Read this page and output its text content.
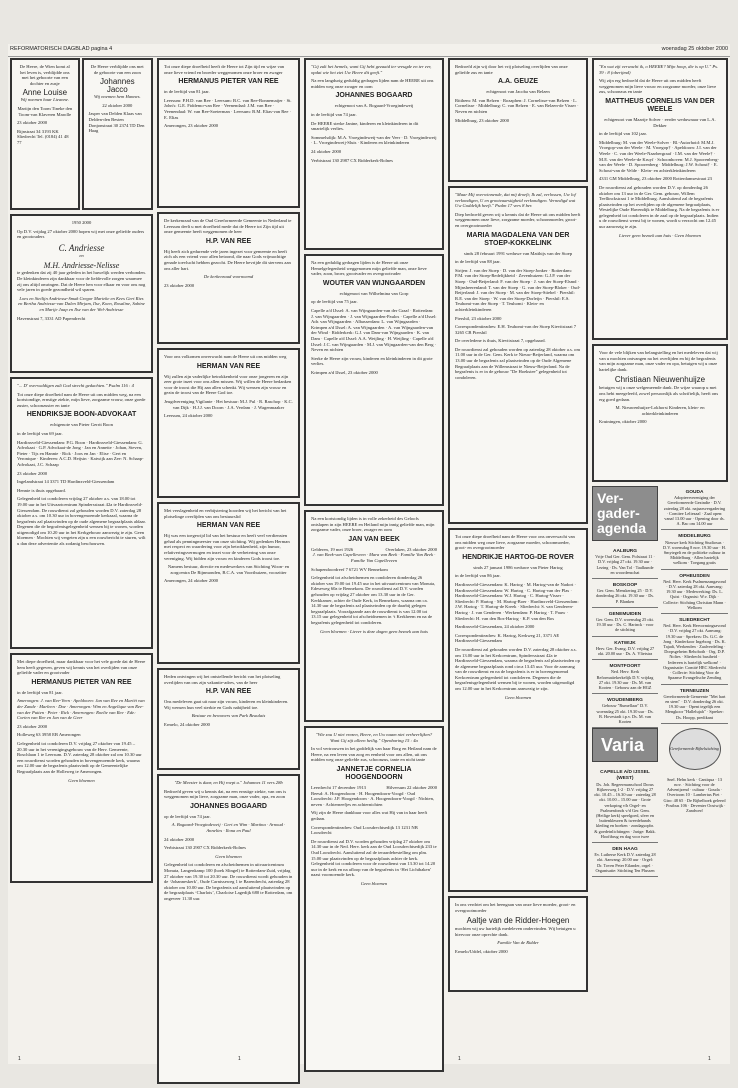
REFORMATORISCH DAGBLAD pagina 4	woensdag 25 oktober 2000

De Heere, de Wien komt al het leven is, verblijdde ons met het geboorte van een dochter en zusje

Anne Louise

Wij noemen haar Lieanne.

Martijn den Toom Tineke den Toom-van Klaveren Marolle

23 oktober 2000

Rijnstraat 34 3193 KK Sliedrecht Tel. (0184) 41 48 77

De Heere verblijdde ons met de geboorte van een zoon

Johannes Jacco

Wij noemen hem Hannes.

22 oktober 2000

Jasper van Delden Klaas van Delden-den Besten Donjonstraat 30 2374 TD Den Haag

1950 2000

Op D.V. vrijdag 27 oktober 2000 hopen wij met onze geliefde ouders en grootouders

C. Andriesse

en

M.H. Andriesse-Nelisse

te gedenken dat zij 40 jaar geleden in het huwelijk werden verbonden. De kleinkinderen zijn dankbaar voor de liefdevolle zorgen waarmee zij ons altijd omringen. Dat de Heere hen voor elkaar en voor ons nog vele jaren in goede gezondheid wil sparen.

Loes en Sietlijn Andriesse-Smak Gregor Marieke en Kees Gert Ries en Bertha Andriesse-van Dalen Mirjam, Ilse, Koen, Rosaline, Sabine en Marije Jaap en Ilse van der Wel-Andriesse

Havenstraat 7, 3331 AD Papendrecht

"... D' overwaldigen zult God strecht gedachten." Psalm 116 : 4

Tot onze diepe droefheid nam de Heere uit ons midden weg, na een kortstondige, ernstige ziekte, mijn lieve, zorgzame vrouw, onze goede zuster, schoonzuster en tante

HENDRIKSJE BOON-ADVOKAAT

echtgenote van Pieter Gerrit Boon

in de leeftijd van 69 jaar.

Hardinxveld-Giessendam: P.G. Boon · Hardinxveld-Giessendam: G. Advokaat · G.P. Advokaat-de Jong · Jan en Annette · Johan, Steven, Pieter · Tijs en Hannie · Rick · Joos en Jan · Elise · Gert en Veronique · Kinderen: A.C.D. Heijsin · Katwijk aan Zee: N. Schaap-Advokaat, J.C. Schaap

23 oktober 2000

Ingelandstraat 14 3371 TD Hardinxveld-Giessendam

Hennie is thuis opgebaard.

Gelegenheid tot condoleren vrijdag 27 oktober a.s. van 18.00 tot 19.00 uur in het Uitvaartcentrum Spindersstraat 42a te Hardinxveld-Giessendam. De rouwdienst zal gehouden worden D.V. zaterdag 28 oktober a.s. om 10.30 uur in bovengenoemde kerkzaal, waarna de begrafenis zal plaatsvinden op de oude algemene begraafplaats aldaar. Degenen die de begrafenisgelegenheid wensen bij te wonen, worden uitgenodigd om 10.20 uur in het Kerkgebouw aanwezig te zijn. Geen bloemen · Mochten wij vergeten zijn u een rouwbericht te sturen, wilt u dan deze advertentie als zodanig beschouwen.

Met diepe droefheid, maar dankbaar voor het vele goede dat de Heere hem heeft gegeven, geven wij kennis van het overlijden van onze geliefde vader en grootvader

HERMANUS PIETER VAN REE

in de leeftijd van 81 jaar.

Amerongen: J. van Ree-Veen · Apeldoorn: Jan van Ree en Mariët van der Zande · Marleen · Dae · Amerongen: Wim en Angelique van Ree-van der Putten · Peter · Rick · Amerongen: Roelie van Ree · Ede: Corien van Ree en Jan van de Geer

23 oktober 2000

Holleweg 63 3958 EB Amerongen

Gelegenheid tot condoleren D.V. vrijdag 27 oktober van 19.45 – 20.30 uur in het verenigingsgebouw van de Herv. Gemeente, Boschlaan 1 te Leersum. D.V. zaterdag 28 oktober zal om 10.30 uur een rouwdienst worden gehouden in bovengenoemde kerk, waarna om 12.00 uur de begrafenis plaatsvindt op de Gemeentelijke Begraafplaats aan de Holleweg te Amerongen.

Geen bloemen

Tot onze diepe droefheid heeft de Heere tot Zijn tijd en wijze van onze lieve vriend en broeder weggenomen onze broer en zwager

HERMANUS PIETER VAN REE

in de leeftijd van 81 jaar.

Leersum: P.H.D. van Ree · Leersum: B.C. van Ree-Bonnemaijer · St. John's: G.E. Fiddemo-van Ree · Veenendaal: J.M. van Ree · Veenendaal: W. van Ree-Soeterman · Leersum: B.M. Elias-van Ree · E. Elias

Amerongen, 23 oktober 2000

De kerkenraad van de Oud Gereformeerde Gemeente in Nederland te Leersum deelt u met droefheid mede dat de Heere tot Zijn tijd uit onze gemeente heeft weggenomen de heer

H.P. VAN REE

Hij heeft zich gedurende vele jaren ingezet voor gemeente en heeft zich als een vriend voor allen betoond, die naar Gods vrijmachtige genade toevlucht hebben gezocht. De Heere bevrijde dit stervens aan ons aller hart.

De kerkenraad voornoemd

23 oktober 2000

Voor ons volkomen onverwacht nam de Heere uit ons midden weg

HERMAN VAN REE

Wij zullen zijn vaderlijke betrokkenheid voor onze jongeren en zijn zeer grote inzet voor ons allen missen. Wij willen de Heere bedanken voor de troost die Hij aan allen schenkt. Wij wensen zijn vrouw en gezin de troost van de Heere God toe.

Jeugdvereniging Vigilante · Het bestuur: M.J. Pul · R. Raschop · K.C. van Dijk · H.J.J. van Doorn · J.A. Verdam · J. Wagenmaaker

Leersum, 24 oktober 2000

Met verslagenheid en verbijstering hoorden wij het bericht van het plotselinge overlijden van ons bestuurslid

HERMAN VAN REE

Hij was een toegewijd lid van het bestuur en heeft veel verdiensten gehad als penningmeester van onze stichting. Wij gedenken Herman met respect en waardering voor zijn betrokkenheid, zijn humor, relativeringsvermogen en inzet voor de verbetering van onze vereniging. Wij bidden zijn vrouw en kinderen Gods troost toe.

Namens bestuur, directie en medewerkers van Stichting Woon- en zorgcentra De Rijnmonden, B.C.A. van Voorthuizen, voorzitter

Amerongen, 24 oktober 2000

Heden ontvingen wij het ontstellende bericht van het plotseling overlijden van ons zijn vakantie-adres, van de heer

H.P. VAN REE

Ons medeleven gaat uit naar zijn vrouw, kinderen en kleinkinderen. Wij wensen hun veel sterkte en Gods nabijheid toe.

Bestuur en bewoners van Park Beaulais

Ermelo, 24 oktober 2000

"De Meester is daar, en Hij roept u." Johannes 11 vers 28b

Bedroefd geven wij u kennis dat, na een ernstige ziekte, van ons is weggenomen mijn lieve, zorgzame man, onze vader, opa, en zoon

JOHANNES BOGAARD

op de leeftijd van 74 jaar.

A. Bogaard-Vroegindeweij · Gert en Wim · Martina · Arnoud · Annelies · Ilona en Paul

24 oktober 2000

Verbistraat 130 2907 CX Ridderkerk-Bolnes

Geen bloemen

Gelegenheid tot condoleren en afscheidnemen in uitvaartcentrum Monuta, Langenkamp 100 (hoek Slingel) te Rotterdam-Zuid, vrijdag 27 oktober van 19.30 tot 20.30 uur. De rouwdienst wordt gehouden in de ‘Johanneskerk’, Oude Carnisseweg 1 te Barendrecht, zaterdag 28 oktober om 10.00 uur. De begrafenis zal aansluitend plaatsvinden op de begraafplaats ‘Charlois’, Charloise Lagedijk 680 te Rotterdam, om ongeveer 11.30 uur.

"Gij zult het hemels, want Gij hebt gezaaid ter vreugde en ter eer, opdat wie het ziet Uw Heere dit geeft."

Na een langdurig geduldig gedragen lijden nam de HEERE uit ons midden weg onze zwager en oom

JOHANNES BOGAARD

echtgenoot van A. Bogaard-Vroegindeweij

in de leeftijd van 74 jaar.

De HEERE sterke Janine, kinderen en kleinkinderen in dit smartelijk verlies.

Sommelsdijk: M.A. Vroegindeweij-van der Veer · D. Vroegindeweij · L. Vroegindeweij-Sluis · Kinderen en kleinkinderen

24 oktober 2000

Verbistraat 130 2987 CX Ridderkerk-Bolnes

Na een geduldig gedragen lijden is de Heere uit onze Hemelgelegenheid weggenomen mijn geliefde man, onze lieve vader, zoon, broer, grootvader en overgrootvader

WOUTER VAN WIJNGAARDEN

echtgenoot van Wilhelmina van Gorp

op de leeftijd van 75 jaar.

Capelle a/d IJssel: A. van Wijngaarden-van der Graaf · Rotterdam: J. van Wijngaarden · J. van Wijngaarden-Paulos · Capelle a/d IJssel: Adr. van Wijngaarden · Albasserdam: L. van Wijngaarden · Krimpen a/d IJssel: A. van Wijngaarden · A. van Wijngaarden-van der Wind · Ridderkerk: G.J. van Dam-van Wijngaarden · K. van Dam · Capelle a/d IJssel: A.A. Wetjling · H. Wetjling · Capelle a/d IJssel: J.C. van Wijngaarden · M.J. van Wijngaarden-van den Berg · Neven en nichten

Sterke de Heere zijn vrouw, kinderen en kleinkinderen in dit grote verlies.

Krimpen a/d IJssel, 23 oktober 2000

Na een kortstondig lijden is in volle zekerheid des Geloofs ontslapen in zijn HEERE en Heiland mijn innig geliefde man, mijn zorgzame vader, onze broer, zwager en oom

JAN VAN BEEK
Gelderen, 19 mei 1926	Overlaken, 23 oktober 2000

J. van Beek-van Capelleveen · Mara van Beek · Familie Van Beek · Familie Van Capelleveen

Schapendoordreef 7 6721 WV Bennekom

Gelegenheid tot afscheidnemen en condoleren donderdag 26 oktober van 19.00 tot 19.45 uur in het uitvaartcentrum van Monuta, Edeseweg 60a te Bennekom. De rouwdienst zal D.V. worden gehouden op vrijdag 27 oktober om 13.30 uur in de Ger. Kerkkamer, achter de Oude Kerk, in Bennekom, waarna om ca. 14.30 uur de begrafenis zal plaatsvinden op de daarbij gelegen begraafplaats. Voorafgaande aan de rouwdienst is van 12.00 tot 13.15 uur gelegenheid tot afscheidnemen in ‘t Kerkheem en na de begrafenis gelegenheid tot condoleren.

Geen bloemen · Liever is deze dagen geen bezoek aan huis

"Wie zou U niet vrezen, Heere, en Uw naam niet verheerlijken? Want Gij zijt alleen heilig." Openbaring 15 : 4a

In vol vertrouwen in het goddelijk van haar Borg en Heiland nam de Heere, na een leven van zorg en eenheid voor ons allen, uit ons midden weg onze geliefde zus, schoonzus, tante en nicht tante

JANNETJE CORNELIA HOOGENDOORN
Leerdrecht 17 december 1913	Hilversum 22 oktober 2000

Beesd: A. Hoogendoorn · H. Hoogendoorn-Voogd · Oud Loosdrecht: J.P. Hoogendoorn · A. Hoogendoorn-Voogd · Nichten, neven · Achterneefjes en achternichten

Wij zijn de Heere dankbaar voor alles wat Hij van in haar heeft gedaan.

Correspondentieadres: Oud Loosdrechtsedijk 13 1231 NB Loosdrecht

De rouwdienst zal D.V. worden gehouden vrijdag 27 oktober om 14.30 uur in de Ned. Herv. kerk aan de Oud Loosdrechtsedijk 233 te Oud Loosdrecht. Aansluitend zal de teraardebestelling om plm. 15.00 uur plaatsvinden op de begraafplaats achter de kerk. Gelegenheid tot condoleren voor de rouwdienst van 13.30 tot 14.20 uur in de kerk en na afloop van de begrafenis in ‘Het Lichtbaken’ naast voornoemde kerk.

Geen bloemen

Bedroefd zijn wij door het vrij plotseling overlijden van onze geliefde zus en tante

A.A. GEUZE

echtgenoot van Jacoba van Belzen

Ritthem: M. van Belzen · Rozaphen: J. Cornelisse-van Belzen · L. Cornelisse · Middelburg: C. van Belzen · E. van Belzen-de Visser · Neven en nichten

Middelburg, 23 oktober 2000

"Maar Mij overwinnende, dat mij droeft; Ik zal, verlossen, Uw lof verkondigen, U en grootvaarstigheid verkondigen. Vernedigd wat Uw Goddelijk heeft." Psalm 17 vers 8 ber.

Diep bedroefd geven wij u kennis dat de Heere uit ons midden heeft weggenomen onze lieve, zorgzame moeder, schoonmoeder, groot- en overgrootmoeder

MARIA MAGDALENA VAN DER STOEP-KOKKELINK

sinds 28 februari 1991 weduwe van Matthijs van der Stoep

in de leeftijd van 88 jaar.

Strijen: J. van der Stoep · D. van der Stoep-Jonker · Rotterdam: P.M. van der Stoep-Redelijkheid · Zevenhuizen: G.J.P. van der Stoep · Oud-Beijerland: F. van der Stoep · J. van der Stoep-Elsmd · Mijnsheerenland: T. van der Stoep · G. van der Stoep-Bloker · Oud-Beijerland: J. van der Stoep · M. van der Stoep-Stiebel · Piershil: R.E. van der Stoep · W. van der Stoep-Dorleijn · Piershil: E.S. Teuhomi-van der Stoep · T. Teuhomi · Klein- en achterkleinkinderen

Piershil, 23 oktober 2000

Correspondentieadres: E.H. Teuhomi-van der Stoep Kievitstraat 7 3265 CB Piershil

De overledene is thuis, Kievitstraat 7, opgebaard.

De rouwdienst zal gehouden worden op zaterdag 28 oktober a.s. om 11.00 uur in de Ger. Gem. Kerk te Nieuw-Beijerland, waarna om 13.00 uur de begrafenis zal plaatsvinden op de Oude Algemene Begraafplaats aan de Willemstraat te Nieuw-Beijerland. Na de begrafenis is er in de gebouw "De Hoekstee" gelegenheid tot condoleren.

Tot onze diepe droefheid nam de Heere voor ons onverwacht van ons midden weg onze lieve, zorgzame moeder, schoonmoeder, groot- en overgrootmoeder

HENDRIKJE HARTOG-DE ROVER

sinds 27 januari 1986 weduwe van Pieter Hartog

in de leeftijd van 86 jaar.

Hardinxveld-Giessendam: K. Hartog · M. Hartog-van de Nadort · Hardinxveld-Giessendam: W. Hartog · C. Hartog-van der Plas · Hardinxveld-Giessendam: W.J. Hartog · C. Hartog-Visser · Sliedrecht: P. Hartog · M. Hartog-Boer · Hardinxveld-Giessendam: J.W. Hartog · T. Hartog-de Kreek · Sliedrecht: S. van Genderen-Hartog · J. van Genderen · Werkendam: P. Hartog · T. Pauw · Sliedrecht: H. van den Bos-Hartog · K.P. van den Bos

Hardinxveld-Giessendam, 24 oktober 2000

Correspondentieadres: K. Hartog, Kerkweg 21, 3371 AE Hardinxveld-Giessendam

De rouwdienst zal gehouden worden D.V. zaterdag 28 oktober a.s. om 13.00 uur in het Kerkcentrum, Spindersstraat 42a te Hardinxveld-Giessendam, waarna de begrafenis zal plaatsvinden op de algemene begraafplaats rond circa 13.45 uur. Voor de aanvang van de rouwdienst en na de begrafenis is er in bovengenoemd Kerkcentrum gelegenheid tot condoleren. Degenen die de begrafenisgelegenheid wensen bij te wonen, worden uitgenodigd om 12.00 uur in het Kerkcentrum aanwezig te zijn.

Geen bloemen

In ons verdriet om het heengaan van onze lieve moeder, groot- en overgrootmoeder

Aaltje van de Ridder-Hoegen

mochten wij uw hartelijk medeleven ondervinden. Wij betuigen u hiervoor onze oprechte dank.

Familie Van de Ridder

Ermelo/Uddel, oktober 2000

"En wat zijt verwacht ik, o HEERE? Mijn hoop, die is op U." Ps. 39 : 8 (oberijmd)

Wij zijn erg bedroefd dat de Heere uit ons midden heeft weggenomen mijn lieve vrouw en zorgzame moeder, onze lieve zus, schoonzus en tante

MATTHEUS CORNELIS VAN DER WEELE

echtgenoot van Maartje Solver · eerder weduwnaar van L.A. Dekker

in de leeftijd van 102 jaar.

Middelburg: M. van der Weele-Solver · Bl.-Autorhoid: M.M.J. Vroegop-van der Weele · M. Vroegop† · Apeldoorn: J.I. van der Weele · C. van der Weele-Naarbergraaf · I.M. van der Weele† · M.E. van der Weele-de Kruyf · Schoonhoven: M.J. Spoorenberg-van der Weele · D. Spoorenberg · Middelburg: J.W. Schout† · E. Schout-van de Velde · Klein- en achterkleinkinderen

4331 GM Middelburg, 23 oktober 2000 Rotterdamsestraat 23

De rouwdienst zal gehouden worden D.V. op donderdag 26 oktober om 13 uur in de Ger. Gem. gebouw, Willem Teellinckstraat 1 te Middelburg. Aansluitend zal de begrafenis plaatsvinden op het overlijden op de algemene begraafplaats, Westelijke Oude Havendijk te Middelburg. Na de begrafenis is er gelegenheid tot condoleren in de zaal op de begraafplaats. Indien u de rouwdienst wenst bij te wonen, wordt u verzocht om 12.45 uur aanwezig te zijn.

Liever geen bezoek aan huis · Geen bloemen

Voor de vele blijken van belangstelling en het medeleven dat wij van u mochten ontvangen na het overlijden en bij de begrafenis van mijn zorgzame man, onze vader en opa, betuigen wij u onze hartelijke dank.

Christiaan Nieuwenhuijze

betuigen wij u onze welgemeende dank. De wijze waarop u met ons hebt meegeleefd, zowel persoonlijk als schriftelijk, heeft ons erg goed gedaan.

M. Nieuwenhuijze-Lokhorst Kinderen, klein- en achterkleinkinderen

Kruiningen, oktober 2000

Ver-
gader-
agenda
AALBURG
Vrije Oud Ger. Gem. Polstraat 11 · D.V. vrijdag 27 okt. 19.30 uur · Lezing · Ds. Van Tol · Taalkunde en woordenschat
BOSKOOP
Ger. Gem. Menskering 25 · D.V. donderdag 26 okt. 19.30 uur · Ds. P. Blanken
GENEMUIDEN
Ger. Gem. D.V. woensdag 25 okt. 19.30 uur · Ds. C. Harinck · voor de stichting
KATWIJK
Herv. Ger. Evang. D.V. vrijdag 27 okt. 20.00 uur · Ds. A. Vlietstra
MONTFOORT
Ned. Herv. Kerk Reformatiekerkelijk D.V. vrijdag 27 okt. 19.30 uur · Ds. M. van Kooten · Gebouw aan de HGZ
WOUDENBERG
Gebouw "Rumellaar" D.V. woensdag 25 okt. 19.30 uur · Ds. B. Hovestadt i.p.v. Ds. M. van Kooten
Varia
CAPELLE A/D IJSSEL (WEST)
Ds. Joh. Regeermanschool Dorus Rijkersweg 1-2 · D.V. vrijdag 27 okt. 10.45 – 16.30 uur · zaterdag 28 okt. 10.00 – 15.00 uur · Grote verkoping v/h Orgel- en Psalmenfonds v/d Ger. Gem. (Heilige kerk) speelgoed, sfeer en buitenkleuren & tweedehands kleding en boeken · zondagsopbr. & goedeinlichtingen · Jarige: Bakk. Hooftbrug en dag voor twee
DEN HAAG
Ev. Lutherse Kerk D.V. zaterdag 28 okt. Aanvang: 20.00 uur · Orgel: Dr. Toven Peter Eilander, orgel · Organisatie: Stichting Ten Plussen
GOUDA
Adopteervereniging der Gereformeerde Gezindte · D.V. zaterdag 28 okt. najaarsvergadering · Comitee Leliezaal · Zaal open: vanaf 13.00 uur · Opening door ds. A. Bac om 14.00 uur
MIDDELBURG
Nieuwe kerk Stichting Studiosus · D.V. woensdag 8 nov. 19.30 uur · H. Smytegelt en de politieke cultuur in Middelburg · Allen hartelijk welkom · Toegang gratis
OPHEUSDEN
Ned. Herv. Kerk Psalmenzangavond · D.V. zaterdag 28 okt. Aanvang: 19.30 uur · Medewerking: Ds. L. Quist · Organist: W.v. Dijk · Collecte: Stichting Christian Mann · Welkom
SLIEDRECHT
Ned. Herv. Kerk Hervormingsavond · D.V. vrijdag 27 okt. Aanvang: 19.30 uur · Sprekers: Ds. G.C. de Jong · Kinderkoor Ingeborg · Ds. K. Tajadi, Werkenden · Zaalverdeling · Dorpsgeheim Rehoboth · Org. D.P. Noltes · Sliedrecht bustheid · Iedereen is hartelijk welkom! · Organisatie: Comité HEC Sliedrecht · Collecte: Stichting Voor de Spaanse Evangelische Zending
TERNEUZEN
Gereformeerde Gemeente "Met hart en stem" · D.V. donderdag 26 okt. 19.30 uur · Opent tegelijk een Mengkoor "Hallelujah" · Spreker: Ds. Hoopp, predikant
Gereformeerde Bijbelstichting
Snel. Helm kerk · Cantiqua · 13 nov. · Stichting voor de Adventjzend · cultuur · Gouda · Overtoom 10 · Lambertus Piet · Giro: 48 65 · De Bijbelboek geleerd · Postbus 106 · Deventer Oostwijk · Zandwerf
1	1	1	1
